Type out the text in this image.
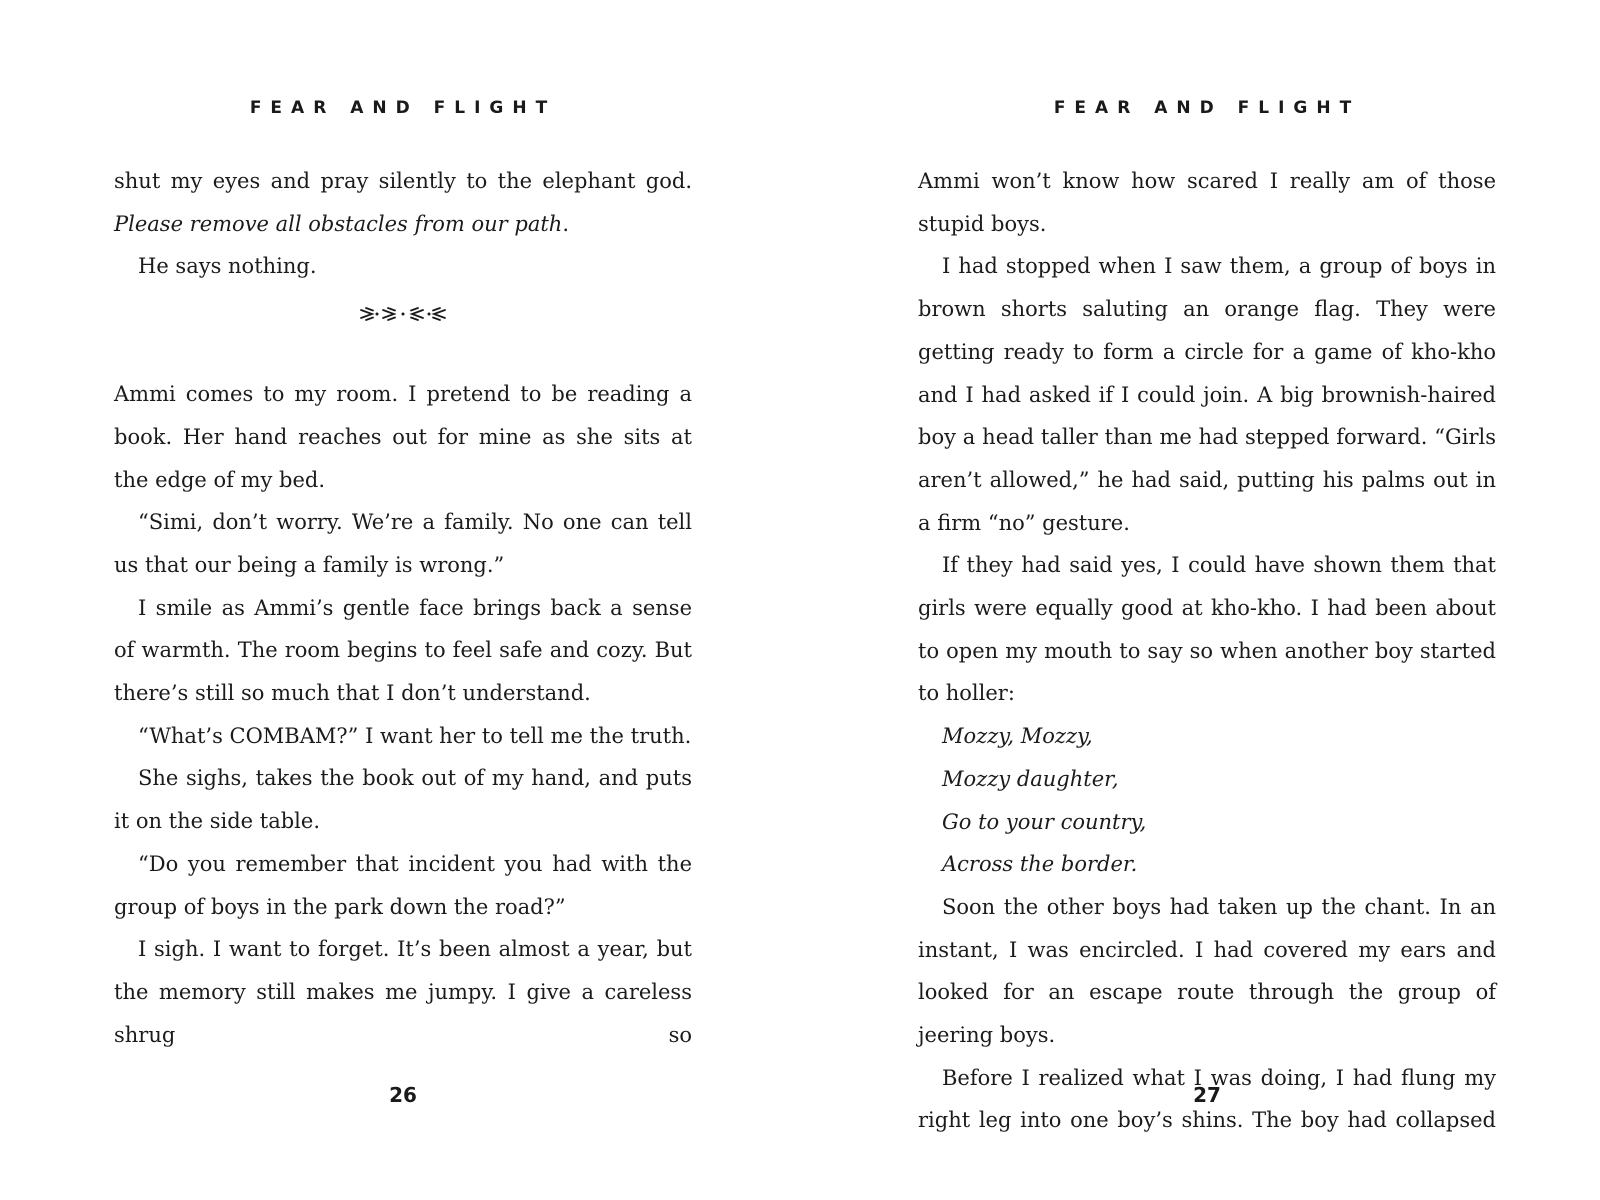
FEAR AND FLIGHT

shut my eyes and pray silently to the elephant god. Please remove all obstacles from our path.

He says nothing.

Ammi comes to my room. I pretend to be reading a book. Her hand reaches out for mine as she sits at the edge of my bed.

“Simi, don’t worry. We’re a family. No one can tell us that our being a family is wrong.”

I smile as Ammi’s gentle face brings back a sense of warmth. The room begins to feel safe and cozy. But there’s still so much that I don’t understand.

“What’s COMBAM?” I want her to tell me the truth.

She sighs, takes the book out of my hand, and puts it on the side table.

“Do you remember that incident you had with the group of boys in the park down the road?”

I sigh. I want to forget. It’s been almost a year, but the memory still makes me jumpy. I give a careless shrug so

26
FEAR AND FLIGHT

Ammi won’t know how scared I really am of those stupid boys.

I had stopped when I saw them, a group of boys in brown shorts saluting an orange flag. They were getting ready to form a circle for a game of kho-kho and I had asked if I could join. A big brownish-haired boy a head taller than me had stepped forward. “Girls aren’t allowed,” he had said, putting his palms out in a firm “no” gesture.

If they had said yes, I could have shown them that girls were equally good at kho-kho. I had been about to open my mouth to say so when another boy started to holler:

Mozzy, Mozzy,

Mozzy daughter,

Go to your country,

Across the border.

Soon the other boys had taken up the chant. In an instant, I was encircled. I had covered my ears and looked for an escape route through the group of jeering boys.

Before I realized what I was doing, I had flung my right leg into one boy’s shins. The boy had collapsed

27
